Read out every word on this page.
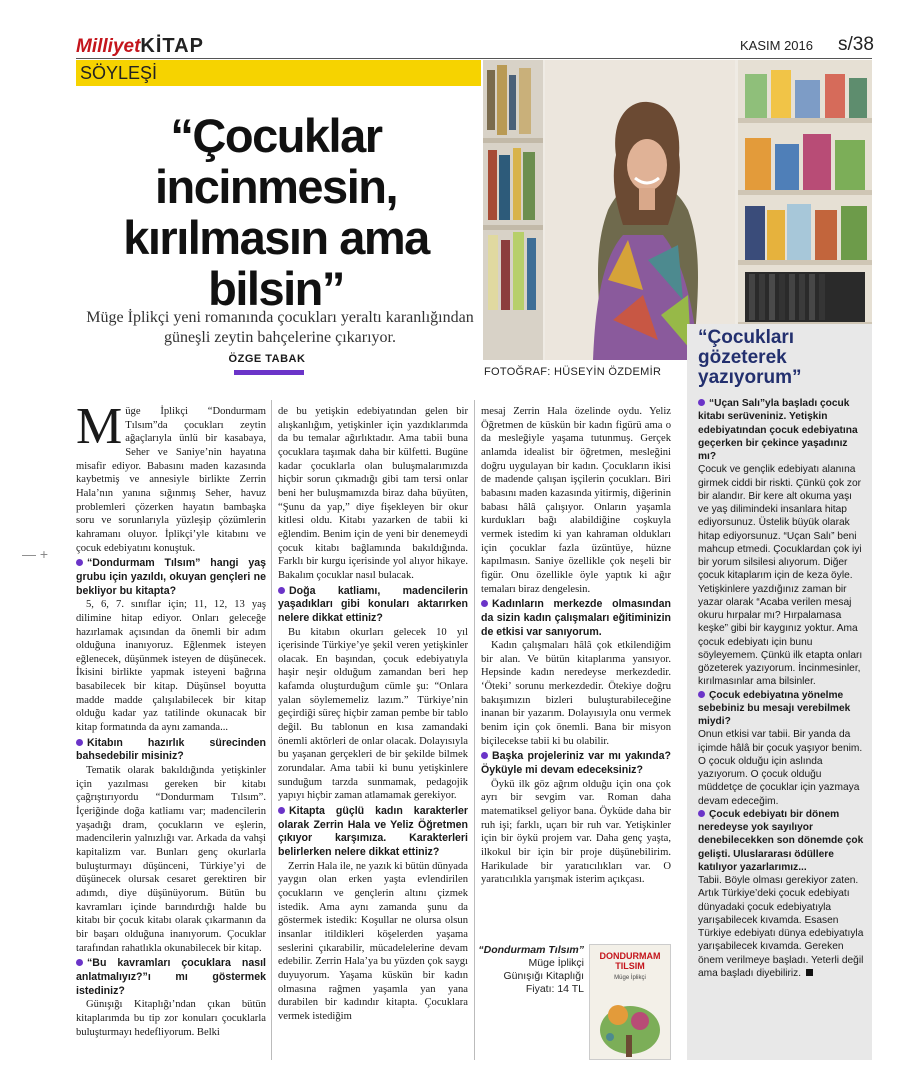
MilliyetKİTAP	KASIM 2016 s/38
SÖYLEŞİ
“Çocuklar incinmesin, kırılmasın ama bilsin”
Müge İplikçi yeni romanında çocukları yeraltı karanlığından güneşli zeytin bahçelerine çıkarıyor.
ÖZGE TABAK
FOTOĞRAF: HÜSEYİN ÖZDEMİR

Müge İplikçi “Dondurmam Tılsım”da çocukları zeytin ağaçlarıyla ünlü bir kasabaya, Seher ve Saniye’nin hayatına misafir ediyor. Babasını maden kazasında kaybetmiş ve annesiyle birlikte Zerrin Hala’nın yanına sığınmış Seher, havuz problemleri çözerken hayatın bambaşka soru ve sorunlarıyla yüzleşip çözümlerin kahramanı oluyor. İplikçi’yle kitabını ve çocuk edebiyatını konuştuk.

“Dondurmam Tılsım” hangi yaş grubu için yazıldı, okuyan gençleri ne bekliyor bu kitapta?

5, 6, 7. sınıflar için; 11, 12, 13 yaş dilimine hitap ediyor. Onları geleceğe hazırlamak açısından da önemli bir adım olduğuna inanıyoruz. Eğlenmek isteyen eğlenecek, düşünmek isteyen de düşünecek. İkisini birlikte yapmak isteyeni bağrına basabilecek bir kitap. Düşünsel boyutta madde madde çalışılabilecek bir kitap olduğu kadar yaz tatilinde okunacak bir kitap formatında da aynı zamanda...

Kitabın hazırlık sürecinden bahsedebilir misiniz?

Tematik olarak bakıldığında yetişkinler için yazılması gereken bir kitabı çağrıştırıyordu “Dondurmam Tılsım”. İçeriğinde doğa katliamı var; madencilerin yaşadığı dram, çocukların ve eşlerin, madencilerin yalnızlığı var. Arkada da vahşi kapitalizm var. Bunları genç okurlarla buluşturmayı düşünceni, Türkiye’yi de düşünecek olursak cesaret gerektiren bir adımdı, diye düşünüyorum. Bütün bu kavramları içinde barındırdığı halde bu kitabı bir çocuk kitabı olarak çıkarmanın da bir başarı olduğuna inanıyorum. Çocuklar tarafından rahatlıkla okunabilecek bir kitap.

“Bu kavramları çocuklara nasıl anlatmalıyız?”ı mı göstermek istediniz?

Günışığı Kitaplığı’ndan çıkan bütün kitaplarımda bu tip zor konuları çocuklarla buluşturmayı hedefliyorum. Belki

de bu yetişkin edebiyatından gelen bir alışkanlığım, yetişkinler için yazdıklarımda da bu temalar ağırlıktadır. Ama tabii buna çocuklara taşımak daha bir külfetti. Bugüne kadar çocuklarla olan buluşmalarımızda hiçbir sorun çıkmadığı gibi tam tersi onlar beni her buluşmamızda biraz daha büyüten, “Şunu da yap,” diye fişekleyen bir okur kitlesi oldu. Kitabı yazarken de tabii ki eğlendim. Benim için de yeni bir denemeydi çocuk kitabı bağlamında bakıldığında. Farklı bir kurgu içerisinde yol alıyor hikaye. Bakalım çocuklar nasıl bulacak.

Doğa katliamı, madencilerin yaşadıkları gibi konuları aktarırken nelere dikkat ettiniz?

Bu kitabın okurları gelecek 10 yıl içerisinde Türkiye’ye şekil veren yetişkinler olacak. En başından, çocuk edebiyatıyla haşir neşir olduğum zamandan beri hep kafamda oluşturduğum cümle şu: “Onlara yalan söylememeliz lazım.” Türkiye’nin geçirdiği süreç hiçbir zaman pembe bir tablo değil. Bu tablonun en kısa zamandaki önemli aktörleri de onlar olacak. Dolayısıyla bu yaşanan gerçekleri de bir şekilde bilmek zorundalar. Ama tabii ki bunu yetişkinlere sunduğum tarzda sunmamak, pedagojik yapıyı hiçbir zaman atlamamak gerekiyor.

Kitapta güçlü kadın karakterler olarak Zerrin Hala ve Yeliz Öğretmen çıkıyor karşımıza. Karakterleri belirlerken nelere dikkat ettiniz?

Zerrin Hala ile, ne yazık ki bütün dünyada yaygın olan erken yaşta evlendirilen çocukların ve gençlerin altını çizmek istedik. Ama aynı zamanda şunu da göstermek istedik: Koşullar ne olursa olsun insanlar itildikleri köşelerden yaşama seslerini çıkarabilir, mücadelelerine devam edebilir. Zerrin Hala’ya bu yüzden çok saygı duyuyorum. Yaşama küskün bir kadın olmasına rağmen yaşamla yan yana durabilen bir kadındır kitapta. Çocuklara vermek istediğim

mesaj Zerrin Hala özelinde oydu. Yeliz Öğretmen de küskün bir kadın figürü ama o da mesleğiyle yaşama tutunmuş. Gerçek anlamda idealist bir öğretmen, mesleğini doğru uygulayan bir kadın. Çocukların ikisi de madende çalışan işçilerin çocukları. Biri babasını maden kazasında yitirmiş, diğerinin babası hâlâ çalışıyor. Onların yaşamla kurdukları bağı alabildiğine coşkuyla vermek istedim ki yan kahraman oldukları için çocuklar fazla üzüntüye, hüzne kapılmasın. Saniye özellikle çok neşeli bir figür. Onu özellikle öyle yaptık ki ağır temaları biraz dengelesin.

Kadınların merkezde olmasından da sizin kadın çalışmaları eğitiminizin de etkisi var sanıyorum.

Kadın çalışmaları hâlâ çok etkilendiğim bir alan. Ve bütün kitaplarıma yansıyor. Hepsinde kadın neredeyse merkezdedir. ‘Öteki’ sorunu merkezdedir. Ötekiye doğru bakışımızın bizleri buluşturabileceğine inanan bir yazarım. Dolayısıyla onu vermek benim için çok önemli. Bana bir misyon biçilecekse tabii ki bu olabilir.

Başka projeleriniz var mı yakında? Öyküyle mi devam edeceksiniz?

Öykü ilk göz ağrım olduğu için ona çok ayrı bir sevgim var. Roman daha matematiksel geliyor bana. Öyküde daha bir ruh işi; farklı, uçarı bir ruh var. Yetişkinler için bir öykü projem var. Daha genç yaşta, ilkokul bir için bir proje düşünebilirim. Harikulade bir yaratıcılıkları var. O yaratıcılıkla yarışmak isterim açıkçası.

“Dondurmam Tılsım”
Müge İplikçi
Günışığı Kitaplığı
Fiyatı: 14 TL
DONDURMAM TILSIM
Müge İplikçi
“Çocukları gözeterek yazıyorum”

“Uçan Salı”yla başladı çocuk kitabı serüveniniz. Yetişkin edebiyatından çocuk edebiyatına geçerken bir çekince yaşadınız mı?

Çocuk ve gençlik edebiyatı alanına girmek ciddi bir riskti. Çünkü çok zor bir alandır. Bir kere alt okuma yaşı ve yaş dilimindeki insanlara hitap ediyorsunuz. Üstelik büyük olarak hitap ediyorsunuz. “Uçan Salı” beni mahcup etmedi. Çocuklardan çok iyi bir yorum silsilesi alıyorum. Diğer çocuk kitaplarım için de keza öyle. Yetişkinlere yazdığınız zaman bir yazar olarak “Acaba verilen mesaj okuru hırpalar mı? Hırpalamasa keşke” gibi bir kaygınız yoktur. Ama çocuk edebiyatı için bunu söyleyemem. Çünkü ilk etapta onları gözeterek yazıyorum. İncinmesinler, kırılmasınlar ama bilsinler.

Çocuk edebiyatına yönelme sebebiniz bu mesajı verebilmek miydi?

Onun etkisi var tabii. Bir yanda da içimde hâlâ bir çocuk yaşıyor benim. O çocuk olduğu için aslında yazıyorum. O çocuk olduğu müddetçe de çocuklar için yazmaya devam edeceğim.

Çocuk edebiyatı bir dönem neredeyse yok sayılıyor denebilecekken son dönemde çok gelişti. Uluslararası ödüllere katılıyor yazarlarımız...

Tabii. Böyle olması gerekiyor zaten. Artık Türkiye’deki çocuk edebiyatı dünyadaki çocuk edebiyatıyla yarışabilecek kıvamda. Esasen Türkiye edebiyatı dünya edebiyatıyla yarışabilecek kıvamda. Gereken önem verilmeye başladı. Yeterli değil ama başladı diyebiliriz.

— +
